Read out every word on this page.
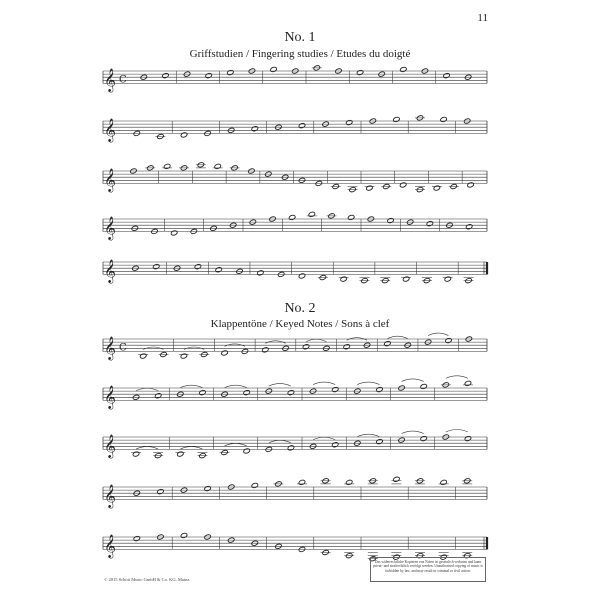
11
No. 1
Griffstudien / Fingering studies / Etudes du doigté
No. 2
Klappentöne / Keyed Notes / Sons à clef
𝄞 C
𝄞
𝄞
𝄞
𝄞
𝄞 C
𝄞
𝄞
𝄞
𝄞
© 2015 Schott Music GmbH & Co. KG, Mainz
Das widerrechtliche Kopieren von Noten ist gesetzlich verboten und kann privat- und strafrechtlich verfolgt werden. Unauthorised copying of music is forbidden by law, and may result in criminal or civil action.
